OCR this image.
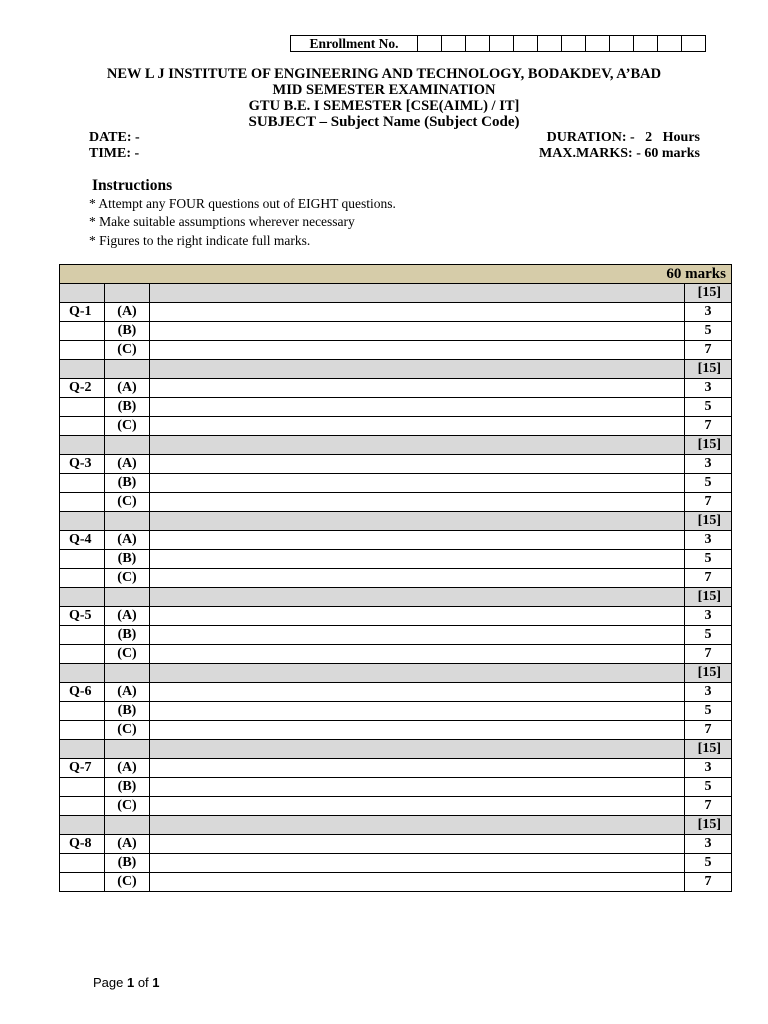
Enrollment No.												

NEW L J INSTITUTE OF ENGINEERING AND TECHNOLOGY, BODAKDEV, A’BAD

MID SEMESTER EXAMINATION

GTU B.E. I SEMESTER [CSE(AIML) / IT]

SUBJECT – Subject Name (Subject Code)

DATE: -
TIME: -
DURATION: -   2   Hours
MAX.MARKS: - 60 marks
Instructions
* Attempt any FOUR questions out of EIGHT questions.
* Make suitable assumptions wherever necessary
* Figures to the right indicate full marks.
60 marks			
			[15]
Q-1	(A)		3
	(B)		5
	(C)		7
			[15]
Q-2	(A)		3
	(B)		5
	(C)		7
			[15]
Q-3	(A)		3
	(B)		5
	(C)		7
			[15]
Q-4	(A)		3
	(B)		5
	(C)		7
			[15]
Q-5	(A)		3
	(B)		5
	(C)		7
			[15]
Q-6	(A)		3
	(B)		5
	(C)		7
			[15]
Q-7	(A)		3
	(B)		5
	(C)		7
			[15]
Q-8	(A)		3
	(B)		5
	(C)		7
Page 1 of 1
